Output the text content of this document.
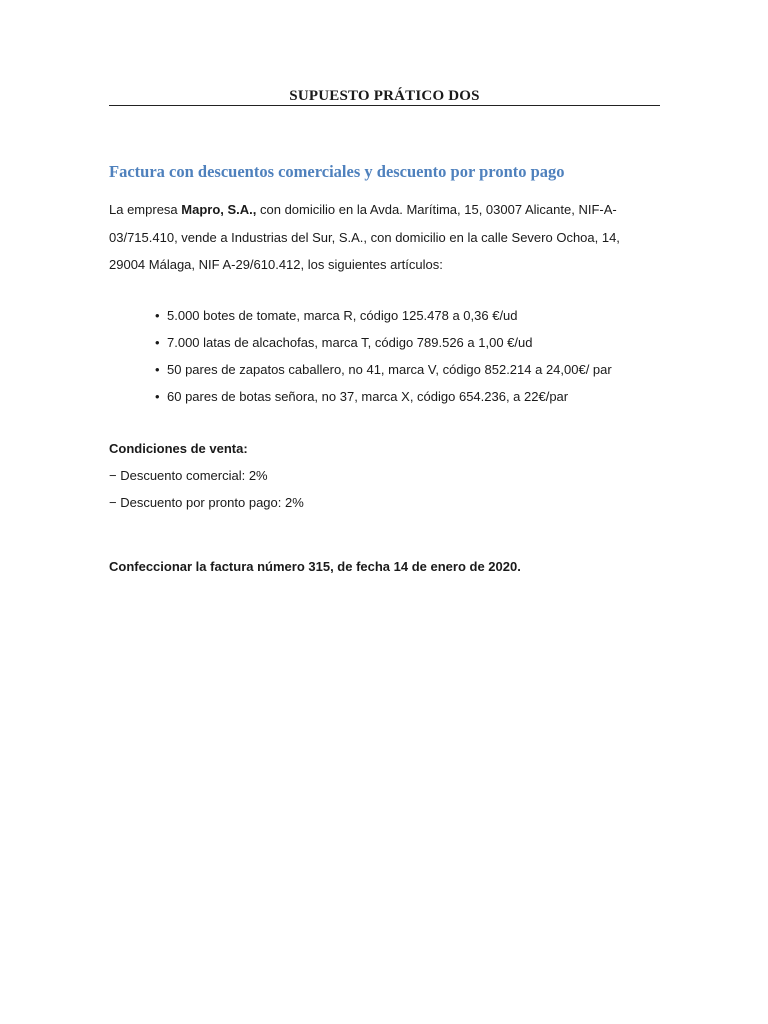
SUPUESTO PRÁTICO DOS
Factura con descuentos comerciales y descuento por pronto pago
La empresa Mapro, S.A., con domicilio en la Avda. Marítima, 15, 03007 Alicante, NIF-A-
03/715.410, vende a Industrias del Sur, S.A., con domicilio en la calle Severo Ochoa, 14,
29004 Málaga, NIF A-29/610.412, los siguientes artículos:
• 5.000 botes de tomate, marca R, código 125.478 a 0,36 €/ud
• 7.000 latas de alcachofas, marca T, código 789.526 a 1,00 €/ud
• 50 pares de zapatos caballero, no 41, marca V, código 852.214 a 24,00€/ par
• 60 pares de botas señora, no 37, marca X, código 654.236, a 22€/par
Condiciones de venta:
− Descuento comercial: 2%
− Descuento por pronto pago: 2%
Confeccionar la factura número 315, de fecha 14 de enero de 2020.
